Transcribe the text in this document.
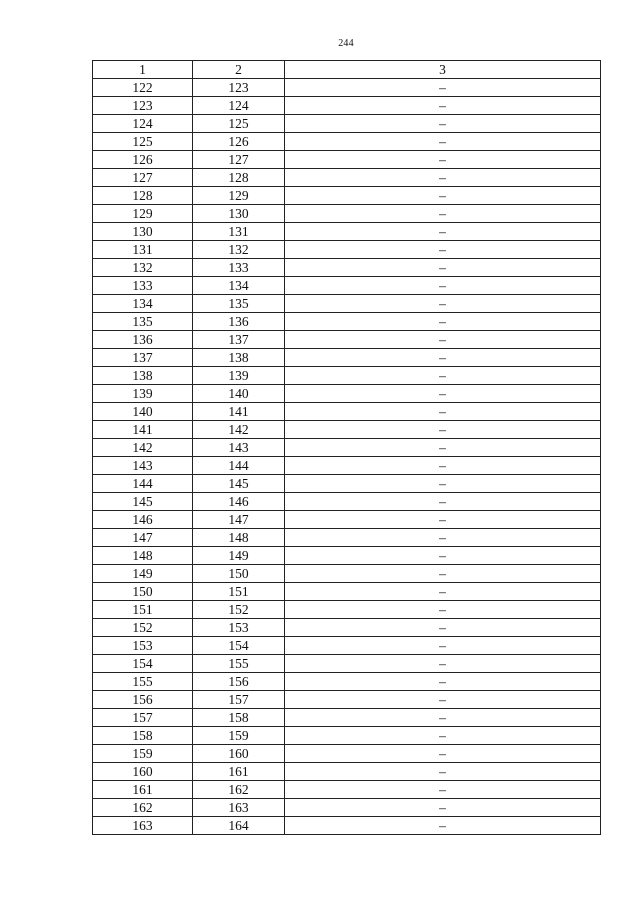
244
1	2	3
122	123	–
123	124	–
124	125	–
125	126	–
126	127	–
127	128	–
128	129	–
129	130	–
130	131	–
131	132	–
132	133	–
133	134	–
134	135	–
135	136	–
136	137	–
137	138	–
138	139	–
139	140	–
140	141	–
141	142	–
142	143	–
143	144	–
144	145	–
145	146	–
146	147	–
147	148	–
148	149	–
149	150	–
150	151	–
151	152	–
152	153	–
153	154	–
154	155	–
155	156	–
156	157	–
157	158	–
158	159	–
159	160	–
160	161	–
161	162	–
162	163	–
163	164	–
